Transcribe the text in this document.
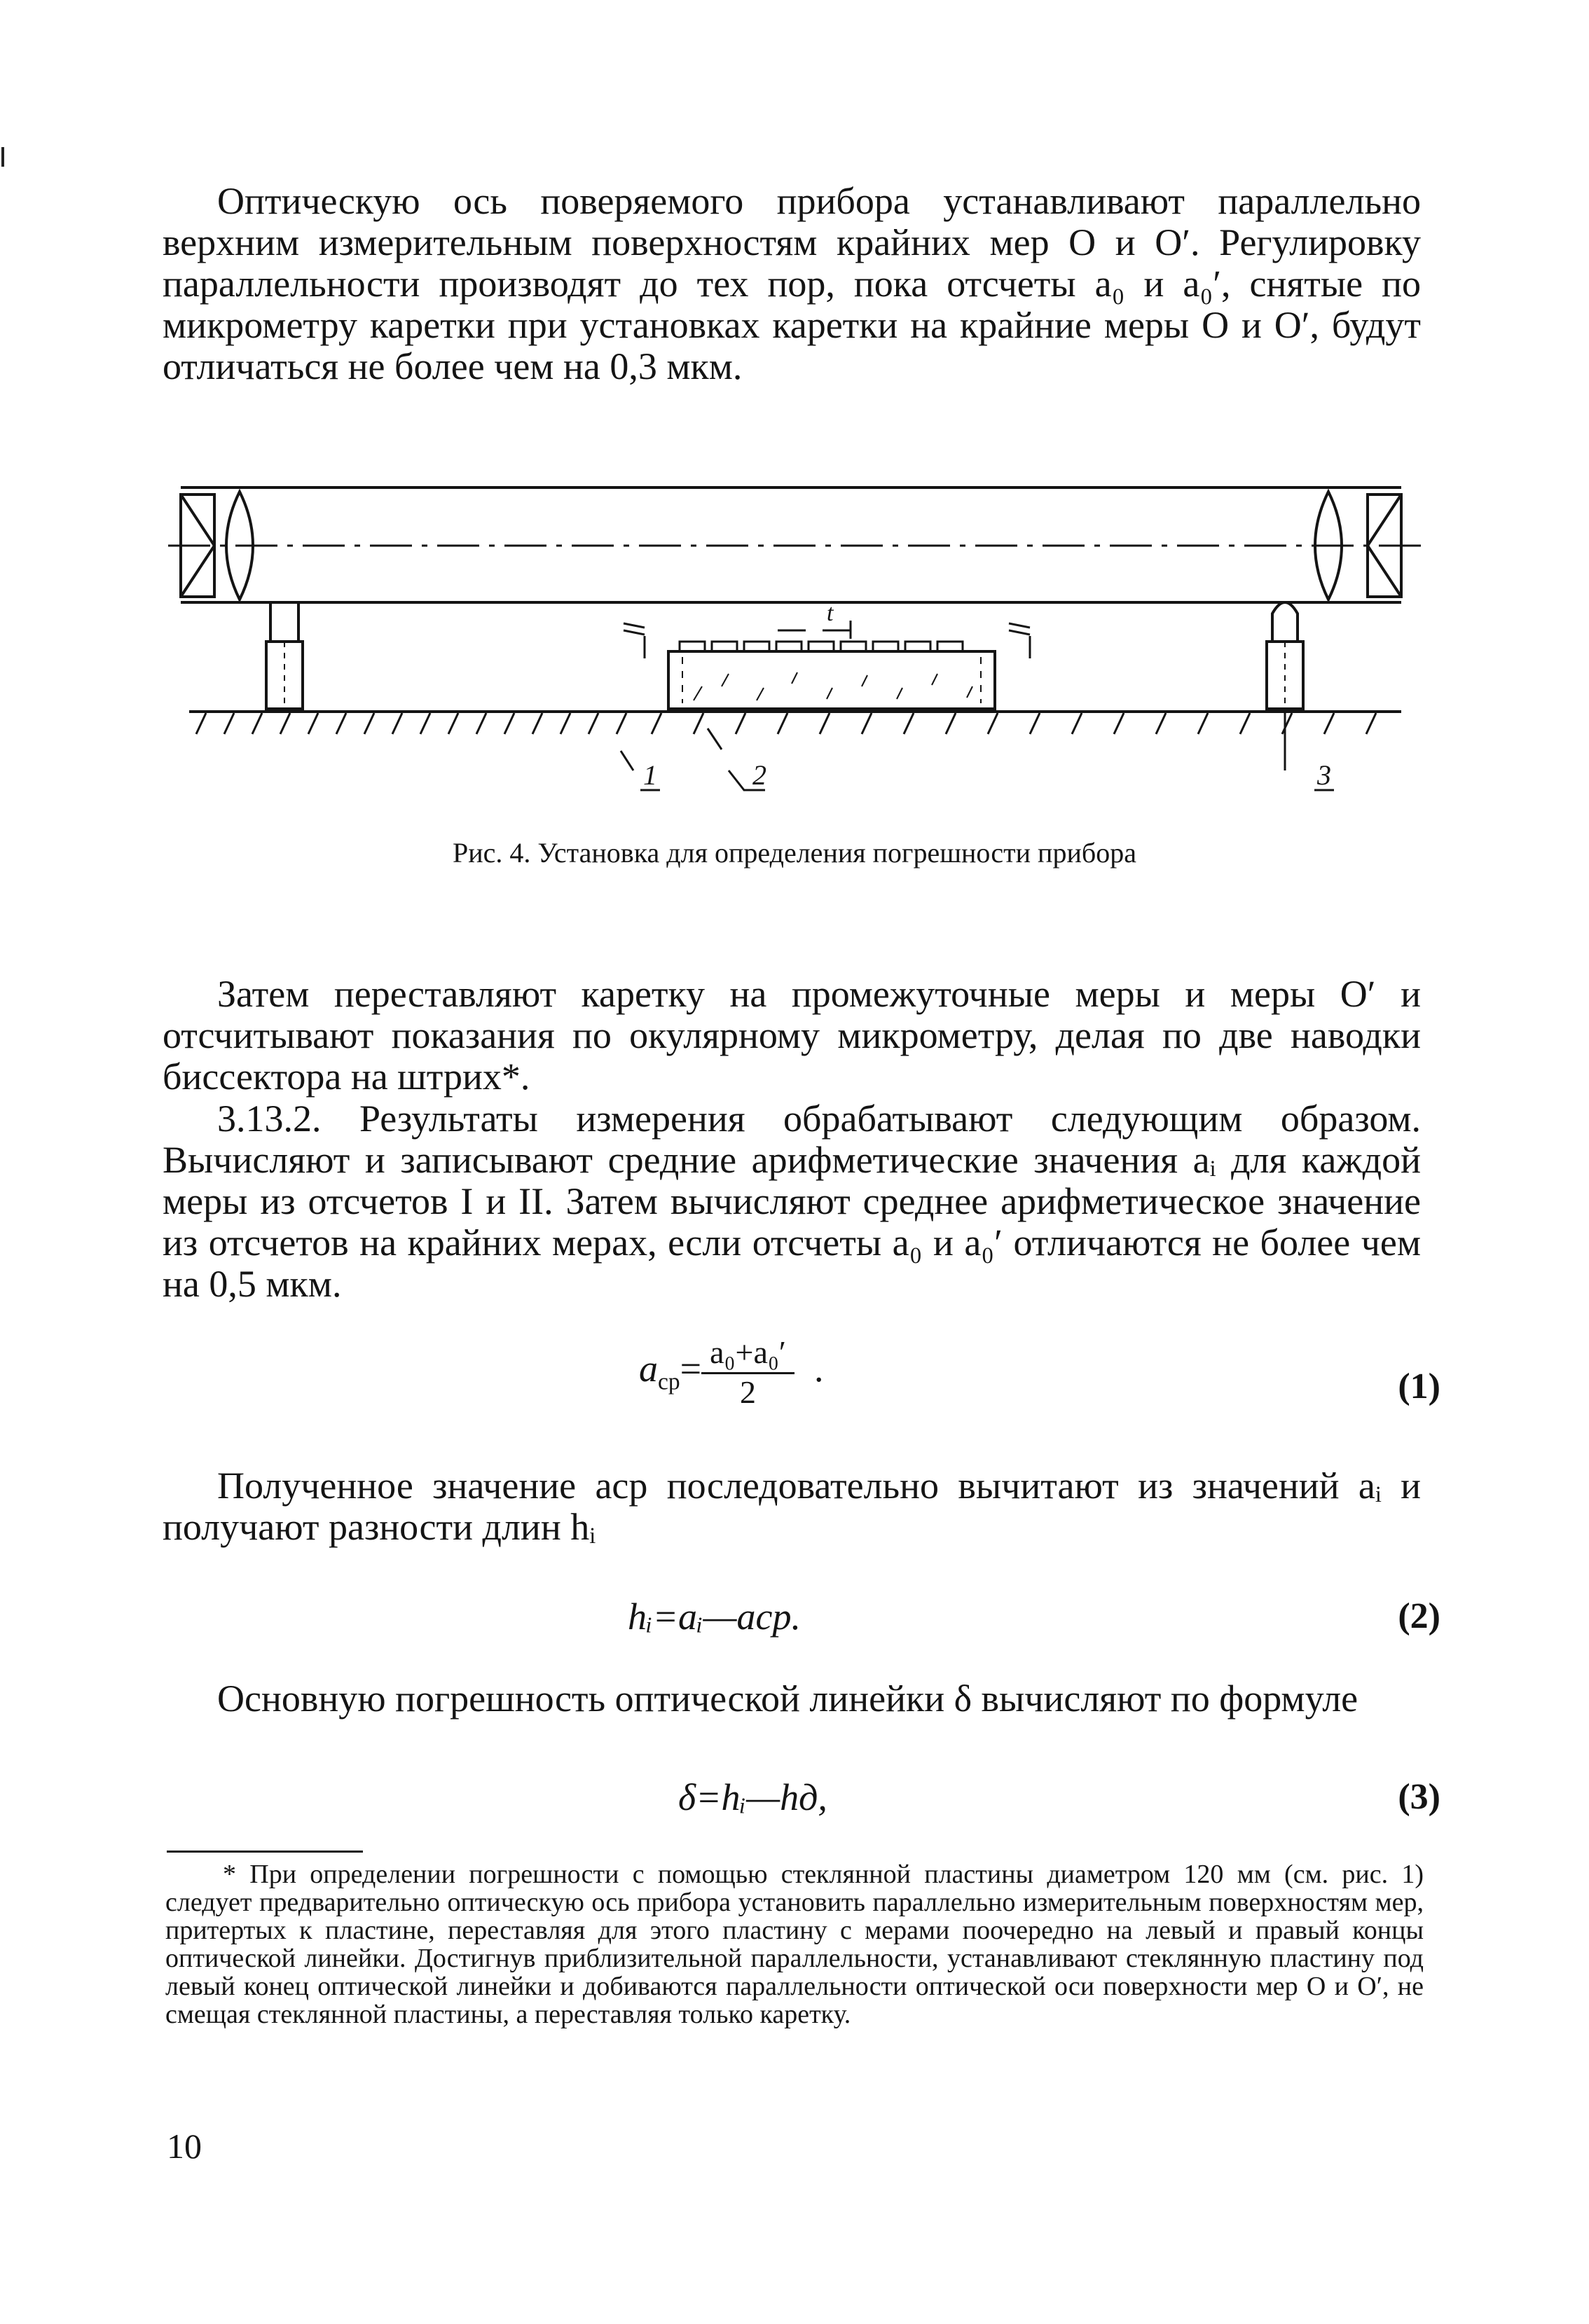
Оптическую ось поверяемого прибора устанавливают параллельно верхним измерительным поверхностям крайних мер O и O′. Регулировку параллельности производят до тех пор, пока отсчеты a₀ и a₀′, снятые по микрометру каретки при установках каретки на крайние меры O и O′, будут отличаться не более чем на 0,3 мкм.

t
1	2	3
Рис. 4. Установка для определения погрешности прибора

Затем переставляют каретку на промежуточные меры и меры O′ и отсчитывают показания по окулярному микрометру, делая по две наводки биссектора на штрих*.

3.13.2. Результаты измерения обрабатывают следующим образом. Вычисляют и записывают средние арифметические значения aᵢ для каждой меры из отсчетов I и II. Затем вычисляют среднее арифметическое значение из отсчетов на крайних мерах, если отсчеты a₀ и a₀′ отличаются не более чем на 0,5 мкм.

$a_{ср}= \frac{\text{a₀+a₀′}}{2}$ .	(1)

Полученное значение aср последовательно вычитают из значений aᵢ и получают разности длин hᵢ

hᵢ=aᵢ—aср.	(2)

Основную погрешность оптической линейки δ вычисляют по формуле

δ=hᵢ—hд,	(3)

* При определении погрешности с помощью стеклянной пластины диаметром 120 мм (см. рис. 1) следует предварительно оптическую ось прибора установить параллельно измерительным поверхностям мер, притертых к пластине, переставляя для этого пластину с мерами поочередно на левый и правый концы оптической линейки. Достигнув приблизительной параллельности, устанавливают стеклянную пластину под левый конец оптической линейки и добиваются параллельности оптической оси поверхности мер O и O′, не смещая стеклянной пластины, а переставляя только каретку.

10
